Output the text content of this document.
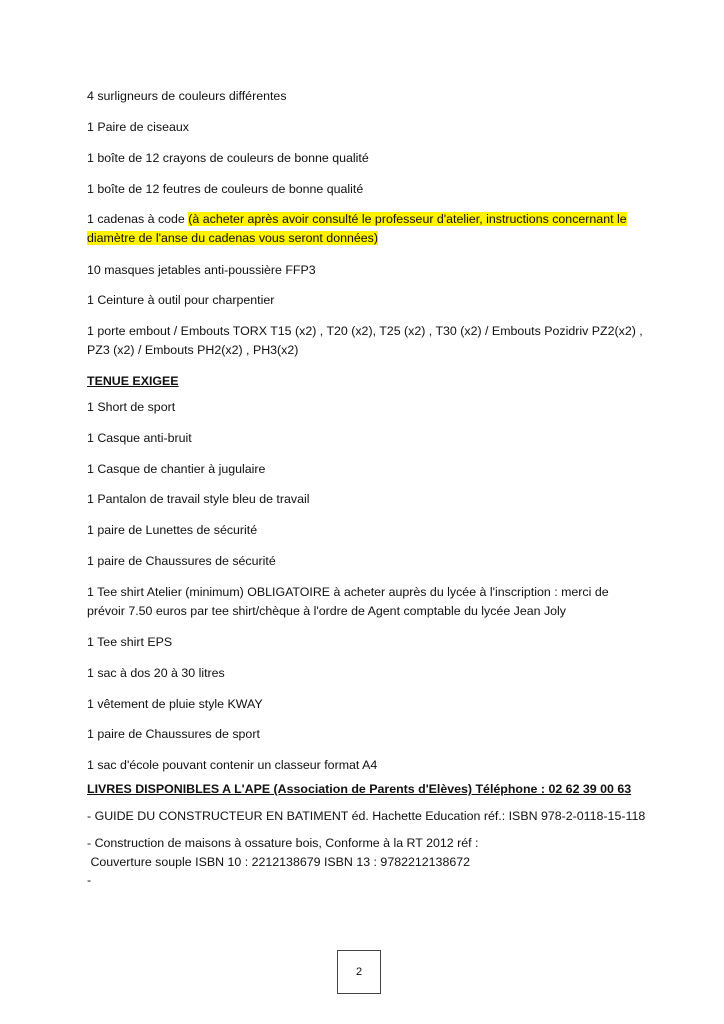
4 surligneurs de couleurs différentes
1 Paire de ciseaux
1 boîte de 12 crayons de couleurs de bonne qualité
1 boîte de 12 feutres de couleurs de bonne qualité
1 cadenas à code (à acheter après avoir consulté le professeur d'atelier, instructions concernant le
diamètre de l'anse du cadenas vous seront données)
10 masques jetables anti-poussière FFP3
1 Ceinture à outil pour charpentier
1 porte embout / Embouts TORX T15 (x2) , T20 (x2), T25 (x2) , T30 (x2) / Embouts Pozidriv PZ2(x2) ,
PZ3 (x2) / Embouts PH2(x2) , PH3(x2)
TENUE EXIGEE
1 Short de sport
1 Casque anti-bruit
1 Casque de chantier à jugulaire
1 Pantalon de travail style bleu de travail
1 paire de Lunettes de sécurité
1 paire de Chaussures de sécurité
1 Tee shirt Atelier (minimum) OBLIGATOIRE à acheter auprès du lycée à l'inscription : merci de
prévoir 7.50 euros par tee shirt/chèque à l'ordre de Agent comptable du lycée Jean Joly
1 Tee shirt EPS
1 sac à dos 20 à 30 litres
1 vêtement de pluie style KWAY
1 paire de Chaussures de sport
1 sac d'école pouvant contenir un classeur format A4
LIVRES DISPONIBLES A L'APE (Association de Parents d'Elèves) Téléphone : 02 62 39 00 63
- GUIDE DU CONSTRUCTEUR EN BATIMENT éd. Hachette Education réf.: ISBN 978-2-0118-15-118
- Construction de maisons à ossature bois, Conforme à la RT 2012 réf :
Couverture souple ISBN 10 : 2212138679 ISBN 13 : 9782212138672
-
2
